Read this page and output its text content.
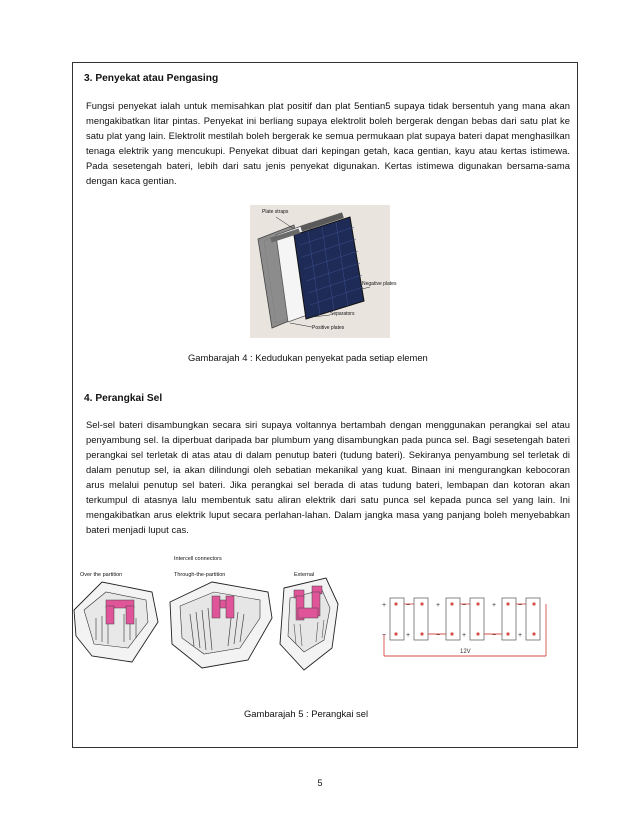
3. Penyekat atau Pengasing

Fungsi penyekat ialah untuk memisahkan plat positif dan plat 5entian5 supaya tidak bersentuh yang mana akan mengakibatkan litar pintas. Penyekat ini berliang supaya elektrolit boleh bergerak dengan bebas dari satu plat ke satu plat yang lain. Elektrolit mestilah boleh bergerak ke semua permukaan plat supaya bateri dapat menghasilkan tenaga elektrik yang mencukupi. Penyekat dibuat dari kepingan getah, kaca gentian, kayu atau kertas istimewa. Pada sesetengah bateri, lebih dari satu jenis penyekat digunakan. Kertas istimewa digunakan bersama-sama dengan kaca gentian.

Plate straps
Negative plates
Separators
Positive plates

Gambarajah 4 : Kedudukan penyekat pada setiap elemen

4. Perangkai Sel

Sel-sel bateri disambungkan secara siri supaya voltannya bertambah dengan menggunakan perangkai sel atau penyambung sel. Ia diperbuat daripada bar plumbum yang disambungkan pada punca sel. Bagi sesetengah bateri perangkai sel terletak di atas atau di dalam penutup bateri (tudung bateri). Sekiranya penyambung sel terletak di dalam penutup sel, ia akan dilindungi oleh sebatian mekanikal yang kuat. Binaan ini mengurangkan kebocoran arus melalui penutup sel bateri. Jika perangkai sel berada di atas tudung bateri, lembapan dan kotoran akan terkumpul di atasnya lalu membentuk satu aliran elektrik dari satu punca sel kepada punca sel yang lain. Ini mengakibatkan arus elektrik luput secara perlahan-lahan. Dalam jangka masa yang panjang boleh menyebabkan bateri menjadi luput cas.

Intercell connectors
Over the partition	Through-the-partition	External
+	−	+	−	+	−
−	+	−	+	−	+
12V

Gambarajah 5 : Perangkai sel

5
